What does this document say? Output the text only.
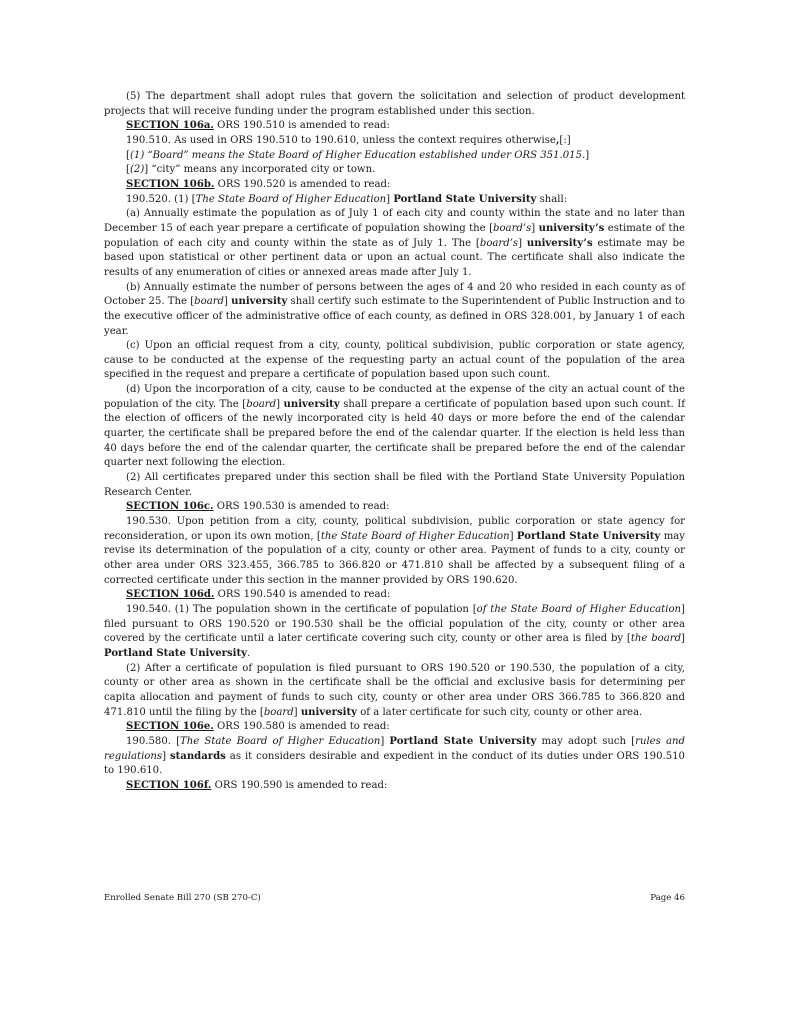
(5) The department shall adopt rules that govern the solicitation and selection of product development projects that will receive funding under the program established under this section.

SECTION 106a. ORS 190.510 is amended to read:

190.510. As used in ORS 190.510 to 190.610, unless the context requires otherwise,[:]

[(1) “Board” means the State Board of Higher Education established under ORS 351.015.]

[(2)] “city” means any incorporated city or town.

SECTION 106b. ORS 190.520 is amended to read:

190.520. (1) [The State Board of Higher Education] Portland State University shall:

(a) Annually estimate the population as of July 1 of each city and county within the state and no later than December 15 of each year prepare a certificate of population showing the [board’s] university’s estimate of the population of each city and county within the state as of July 1. The [board’s] university’s estimate may be based upon statistical or other pertinent data or upon an actual count. The certificate shall also indicate the results of any enumeration of cities or annexed areas made after July 1.

(b) Annually estimate the number of persons between the ages of 4 and 20 who resided in each county as of October 25. The [board] university shall certify such estimate to the Superintendent of Public Instruction and to the executive officer of the administrative office of each county, as defined in ORS 328.001, by January 1 of each year.

(c) Upon an official request from a city, county, political subdivision, public corporation or state agency, cause to be conducted at the expense of the requesting party an actual count of the population of the area specified in the request and prepare a certificate of population based upon such count.

(d) Upon the incorporation of a city, cause to be conducted at the expense of the city an actual count of the population of the city. The [board] university shall prepare a certificate of population based upon such count. If the election of officers of the newly incorporated city is held 40 days or more before the end of the calendar quarter, the certificate shall be prepared before the end of the calendar quarter. If the election is held less than 40 days before the end of the calendar quarter, the certificate shall be prepared before the end of the calendar quarter next following the election.

(2) All certificates prepared under this section shall be filed with the Portland State University Population Research Center.

SECTION 106c. ORS 190.530 is amended to read:

190.530. Upon petition from a city, county, political subdivision, public corporation or state agency for reconsideration, or upon its own motion, [the State Board of Higher Education] Portland State University may revise its determination of the population of a city, county or other area. Payment of funds to a city, county or other area under ORS 323.455, 366.785 to 366.820 or 471.810 shall be affected by a subsequent filing of a corrected certificate under this section in the manner provided by ORS 190.620.

SECTION 106d. ORS 190.540 is amended to read:

190.540. (1) The population shown in the certificate of population [of the State Board of Higher Education] filed pursuant to ORS 190.520 or 190.530 shall be the official population of the city, county or other area covered by the certificate until a later certificate covering such city, county or other area is filed by [the board] Portland State University.

(2) After a certificate of population is filed pursuant to ORS 190.520 or 190.530, the population of a city, county or other area as shown in the certificate shall be the official and exclusive basis for determining per capita allocation and payment of funds to such city, county or other area under ORS 366.785 to 366.820 and 471.810 until the filing by the [board] university of a later certificate for such city, county or other area.

SECTION 106e. ORS 190.580 is amended to read:

190.580. [The State Board of Higher Education] Portland State University may adopt such [rules and regulations] standards as it considers desirable and expedient in the conduct of its duties under ORS 190.510 to 190.610.

SECTION 106f. ORS 190.590 is amended to read:

Enrolled Senate Bill 270 (SB 270-C)	Page 46
